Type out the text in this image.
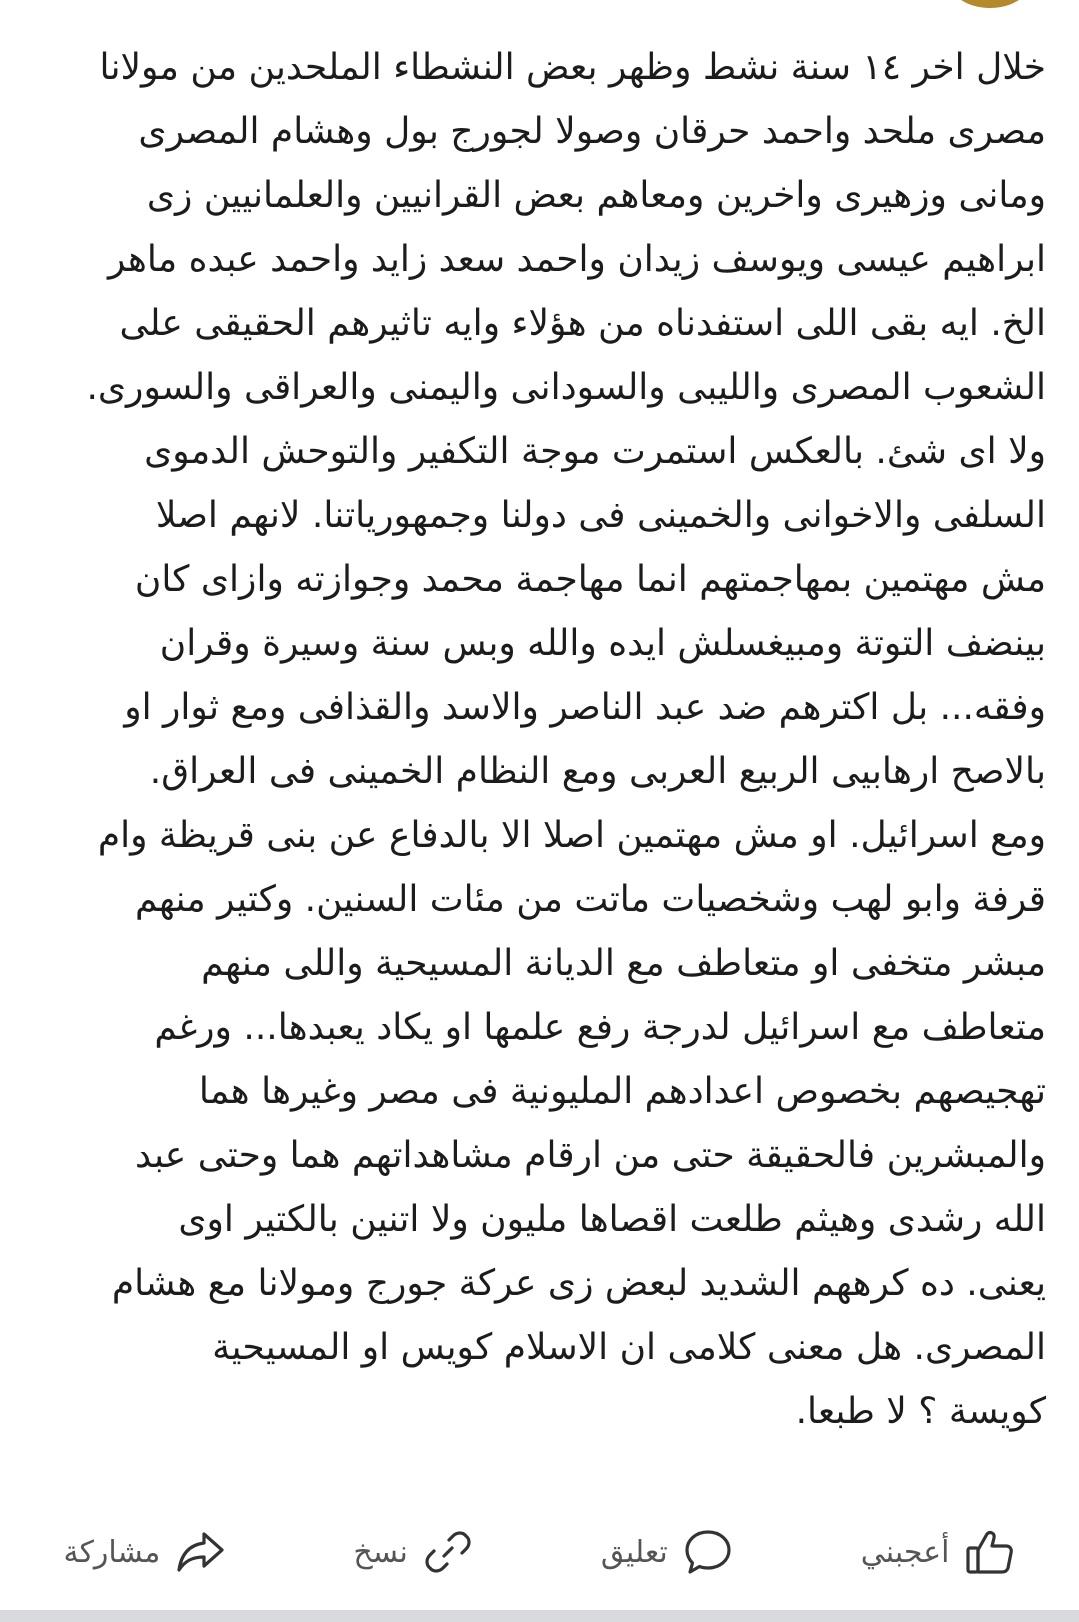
خلال اخر ١٤ سنة نشط وظهر بعض النشطاء الملحدين من مولانا
مصرى ملحد واحمد حرقان وصولا لجورج بول وهشام المصرى
ومانى وزهيرى واخرين ومعاهم بعض القرانيين والعلمانيين زى
ابراهيم عيسى ويوسف زيدان واحمد سعد زايد واحمد عبده ماهر
الخ. ايه بقى اللى استفدناه من هؤلاء وايه تاثيرهم الحقيقى على
الشعوب المصرى والليبى والسودانى واليمنى والعراقى والسورى.
ولا اى شئ. بالعكس استمرت موجة التكفير والتوحش الدموى
السلفى والاخوانى والخمينى فى دولنا وجمهورياتنا. لانهم اصلا
مش مهتمين بمهاجمتهم انما مهاجمة محمد وجوازته وازاى كان
بينضف التوتة ومبيغسلش ايده والله وبس سنة وسيرة وقران
وفقه... بل اكترهم ضد عبد الناصر والاسد والقذافى ومع ثوار او
بالاصح ارهابيى الربيع العربى ومع النظام الخمينى فى العراق.
ومع اسرائيل. او مش مهتمين اصلا الا بالدفاع عن بنى قريظة وام
قرفة وابو لهب وشخصيات ماتت من مئات السنين. وكتير منهم
مبشر متخفى او متعاطف مع الديانة المسيحية واللى منهم
متعاطف مع اسرائيل لدرجة رفع علمها او يكاد يعبدها... ورغم
تهجيصهم بخصوص اعدادهم المليونية فى مصر وغيرها هما
والمبشرين فالحقيقة حتى من ارقام مشاهداتهم هما وحتى عبد
الله رشدى وهيثم طلعت اقصاها مليون ولا اتنين بالكتير اوى
يعنى. ده كرههم الشديد لبعض زى عركة جورج ومولانا مع هشام
المصرى. هل معنى كلامى ان الاسلام كويس او المسيحية
كويسة ؟ لا طبعا.
أعجبني
تعليق
نسخ
مشاركة
